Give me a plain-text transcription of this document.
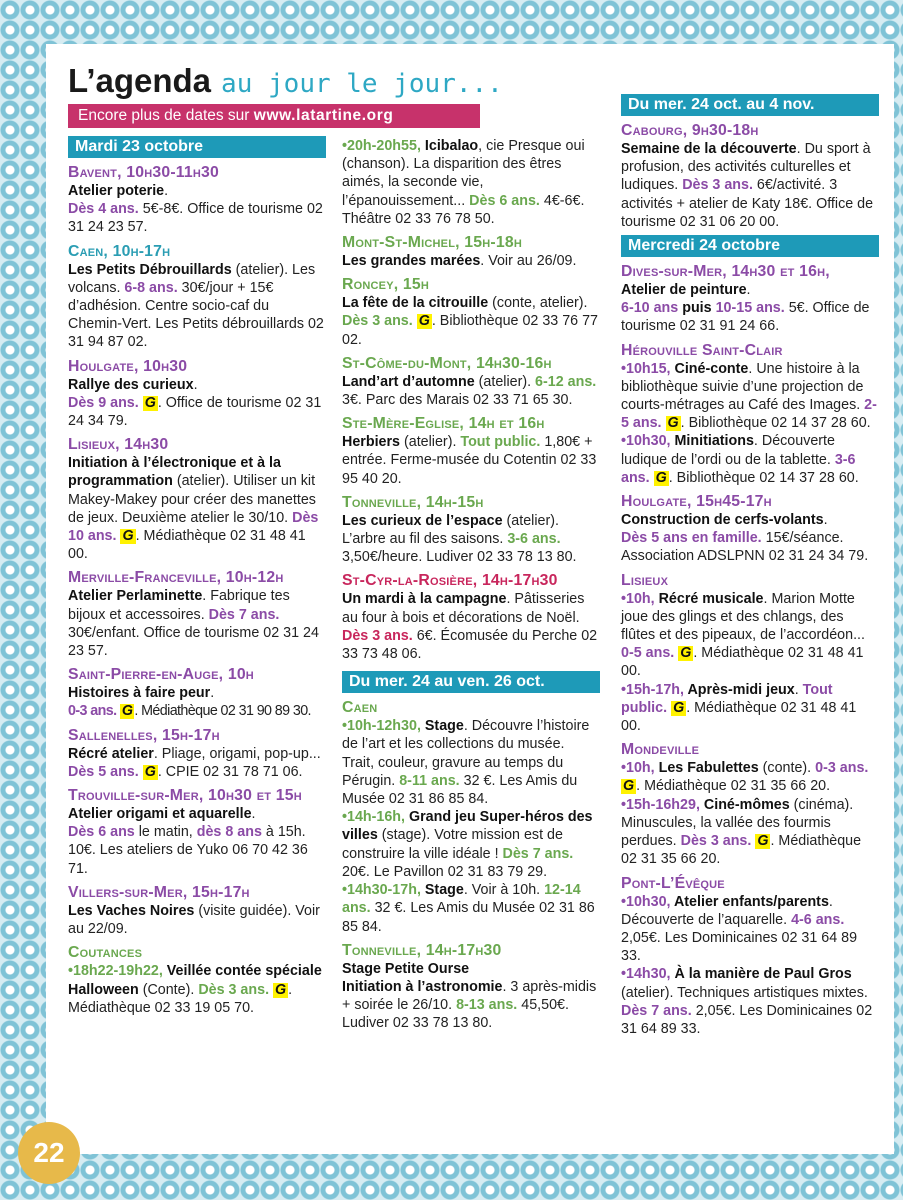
L’agenda au jour le jour...
Encore plus de dates sur www.latartine.org
Mardi 23 octobre
Bavent, 10h30-11h30
Atelier poterie.
Dès 4 ans. 5€-8€. Office de tourisme 02 31 24 23 57.
Caen, 10h-17h
Les Petits Débrouillards (atelier). Les volcans. 6-8 ans. 30€/jour + 15€ d’adhésion. Centre socio-caf du Chemin-Vert. Les Petits débrouillards 02 31 94 87 02.
Houlgate, 10h30
Rallye des curieux.
Dès 9 ans. G . Office de tourisme 02 31 24 34 79.
Lisieux, 14h30
Initiation à l’électronique et à la programmation (atelier). Utiliser un kit Makey-Makey pour créer des manettes de jeux. Deuxième atelier le 30/10. Dès 10 ans. G . Médiathèque 02 31 48 41 00.
Merville-Franceville, 10h-12h
Atelier Perlaminette. Fabrique tes bijoux et accessoires. Dès 7 ans. 30€/enfant. Office de tourisme 02 31 24 23 57.
Saint-Pierre-en-Auge, 10h
Histoires à faire peur.
0-3 ans. G . Médiathèque 02 31 90 89 30.
Sallenelles, 15h-17h
Récré atelier. Pliage, origami, pop-up... Dès 5 ans. G . CPIE 02 31 78 71 06.
Trouville-sur-Mer, 10h30 et 15h
Atelier origami et aquarelle.
Dès 6 ans le matin, dès 8 ans à 15h. 10€. Les ateliers de Yuko 06 70 42 36 71.
Villers-sur-Mer, 15h-17h
Les Vaches Noires (visite guidée). Voir au 22/09.
Coutances
•18h22-19h22, Veillée contée spéciale Halloween (Conte). Dès 3 ans. G . Médiathèque 02 33 19 05 70.
•20h-20h55, Icibalao, cie Presque oui (chanson). La disparition des êtres aimés, la seconde vie, l’épanouissement... Dès 6 ans. 4€-6€. Théâtre 02 33 76 78 50.
Mont-St-Michel, 15h-18h
Les grandes marées. Voir au 26/09.
Roncey, 15h
La fête de la citrouille (conte, atelier). Dès 3 ans. G . Bibliothèque 02 33 76 77 02.
St-Côme-du-Mont, 14h30-16h
Land’art d’automne (atelier). 6-12 ans. 3€. Parc des Marais 02 33 71 65 30.
Ste-Mère-Eglise, 14h et 16h
Herbiers (atelier). Tout public. 1,80€ + entrée. Ferme-musée du Cotentin 02 33 95 40 20.
Tonneville, 14h-15h
Les curieux de l’espace (atelier). L’arbre au fil des saisons. 3-6 ans. 3,50€/heure. Ludiver 02 33 78 13 80.
St-Cyr-la-Rosière, 14h-17h30
Un mardi à la campagne. Pâtisseries au four à bois et décorations de Noël. Dès 3 ans. 6€. Écomusée du Perche 02 33 73 48 06.
Du mer. 24 au ven. 26 oct.
Caen
•10h-12h30, Stage. Découvre l’histoire de l’art et les collections du musée. Trait, couleur, gravure au temps du Pérugin. 8-11 ans. 32 €. Les Amis du Musée 02 31 86 85 84.
•14h-16h, Grand jeu Super-héros des villes (stage). Votre mission est de construire la ville idéale ! Dès 7 ans. 20€. Le Pavillon 02 31 83 79 29.
•14h30-17h, Stage. Voir à 10h. 12-14 ans. 32 €. Les Amis du Musée 02 31 86 85 84.
Tonneville, 14h-17h30
Stage Petite Ourse
Initiation à l’astronomie. 3 après-midis + soirée le 26/10. 8-13 ans. 45,50€. Ludiver 02 33 78 13 80.
Du mer. 24 oct. au 4 nov.
Cabourg, 9h30-18h
Semaine de la découverte. Du sport à profusion, des activités culturelles et ludiques. Dès 3 ans. 6€/activité. 3 activités + atelier de Katy 18€. Office de tourisme 02 31 06 20 00.
Mercredi 24 octobre
Dives-sur-Mer, 14h30 et 16h,
Atelier de peinture.
6-10 ans puis 10-15 ans. 5€. Office de tourisme 02 31 91 24 66.
Hérouville Saint-Clair
•10h15, Ciné-conte. Une histoire à la bibliothèque suivie d’une projection de courts-métrages au Café des Images. 2-5 ans. G . Bibliothèque 02 14 37 28 60.
•10h30, Minitiations. Découverte ludique de l’ordi ou de la tablette. 3-6 ans. G . Bibliothèque 02 14 37 28 60.
Houlgate, 15h45-17h
Construction de cerfs-volants.
Dès 5 ans en famille. 15€/séance. Association ADSLPNN 02 31 24 34 79.
Lisieux
•10h, Récré musicale. Marion Motte joue des glings et des chlangs, des flûtes et des pipeaux, de l’accordéon... 0-5 ans. G . Médiathèque 02 31 48 41 00.
•15h-17h, Après-midi jeux. Tout public. G . Médiathèque 02 31 48 41 00.
Mondeville
•10h, Les Fabulettes (conte). 0-3 ans. G . Médiathèque 02 31 35 66 20.
•15h-16h29, Ciné-mômes (cinéma). Minuscules, la vallée des fourmis perdues. Dès 3 ans. G . Médiathèque 02 31 35 66 20.
Pont-L’Évêque
•10h30, Atelier enfants/parents. Découverte de l’aquarelle. 4-6 ans. 2,05€. Les Dominicaines 02 31 64 89 33.
•14h30, À la manière de Paul Gros (atelier). Techniques artistiques mixtes. Dès 7 ans. 2,05€. Les Dominicaines 02 31 64 89 33.
22
